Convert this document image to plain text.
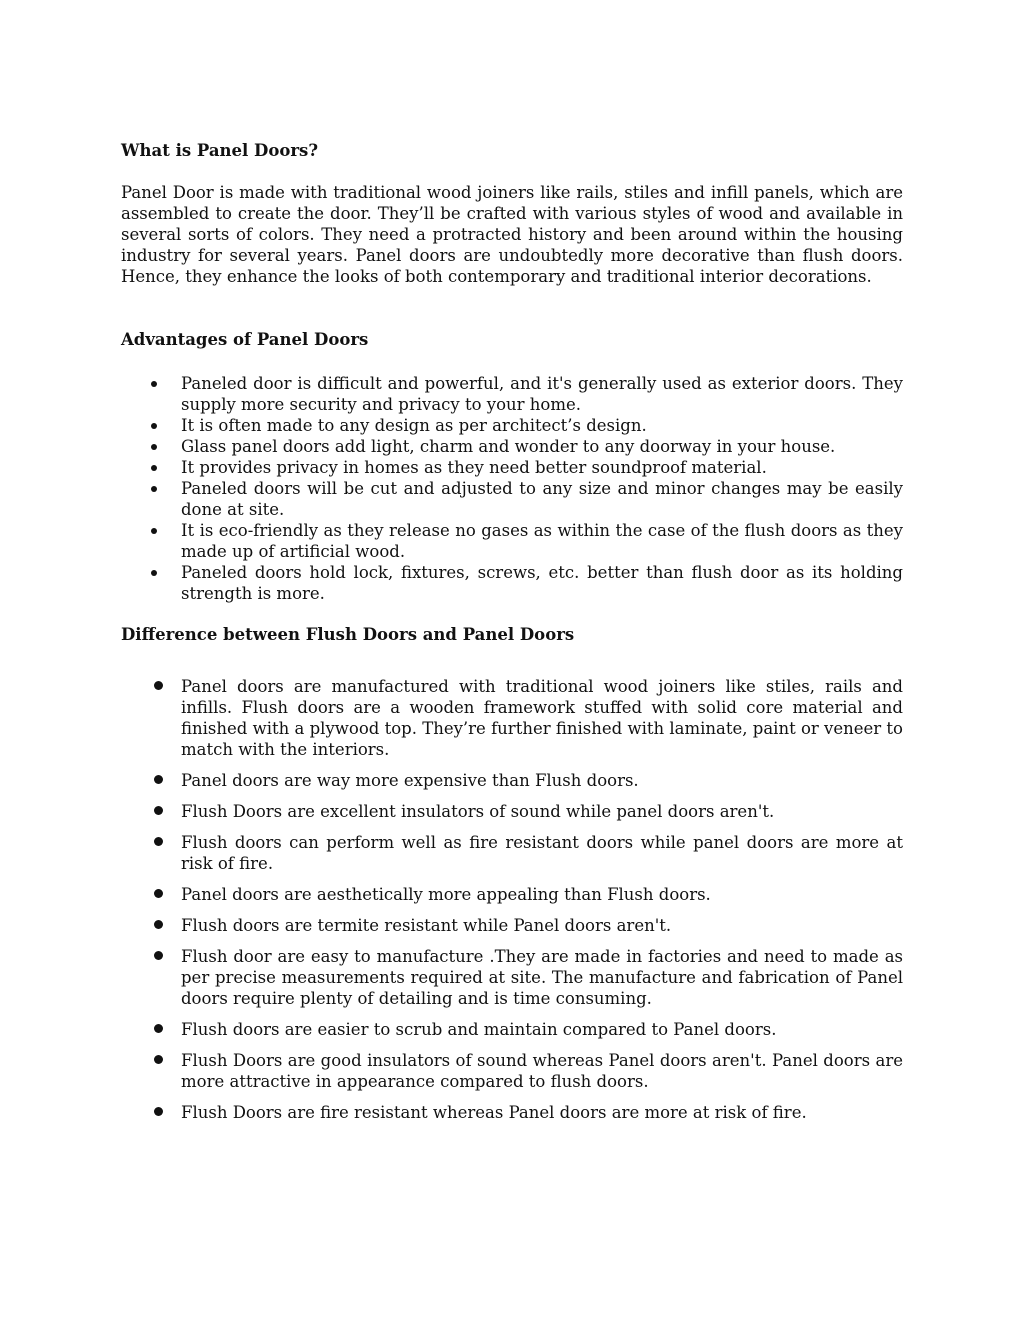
What is Panel Doors?

Panel Door is made with traditional wood joiners like rails, stiles and infill panels, which are assembled to create the door. They’ll be crafted with various styles of wood and available in several sorts of colors. They need a protracted history and been around within the housing industry for several years. Panel doors are undoubtedly more decorative than flush doors. Hence, they enhance the looks of both contemporary and traditional interior decorations.

Advantages of Panel Doors
Paneled door is difficult and powerful, and it's generally used as exterior doors. They supply more security and privacy to your home.
It is often made to any design as per architect’s design.
Glass panel doors add light, charm and wonder to any doorway in your house.
It provides privacy in homes as they need better soundproof material.
Paneled doors will be cut and adjusted to any size and minor changes may be easily done at site.
It is eco-friendly as they release no gases as within the case of the flush doors as they made up of artificial wood.
Paneled doors hold lock, fixtures, screws, etc. better than flush door as its holding strength is more.
Difference between Flush Doors and Panel Doors
Panel doors are manufactured with traditional wood joiners like stiles, rails and infills. Flush doors are a wooden framework stuffed with solid core material and finished with a plywood top. They’re further finished with laminate, paint or veneer to match with the interiors.
Panel doors are way more expensive than Flush doors.
Flush Doors are excellent insulators of sound while panel doors aren't.
Flush doors can perform well as fire resistant doors while panel doors are more at risk of fire.
Panel doors are aesthetically more appealing than Flush doors.
Flush doors are termite resistant while Panel doors aren't.
Flush door are easy to manufacture .They are made in factories and need to made as per precise measurements required at site. The manufacture and fabrication of Panel doors require plenty of detailing and is time consuming.
Flush doors are easier to scrub and maintain compared to Panel doors.
Flush Doors are good insulators of sound whereas Panel doors aren't. Panel doors are more attractive in appearance compared to flush doors.
Flush Doors are fire resistant whereas Panel doors are more at risk of fire.
